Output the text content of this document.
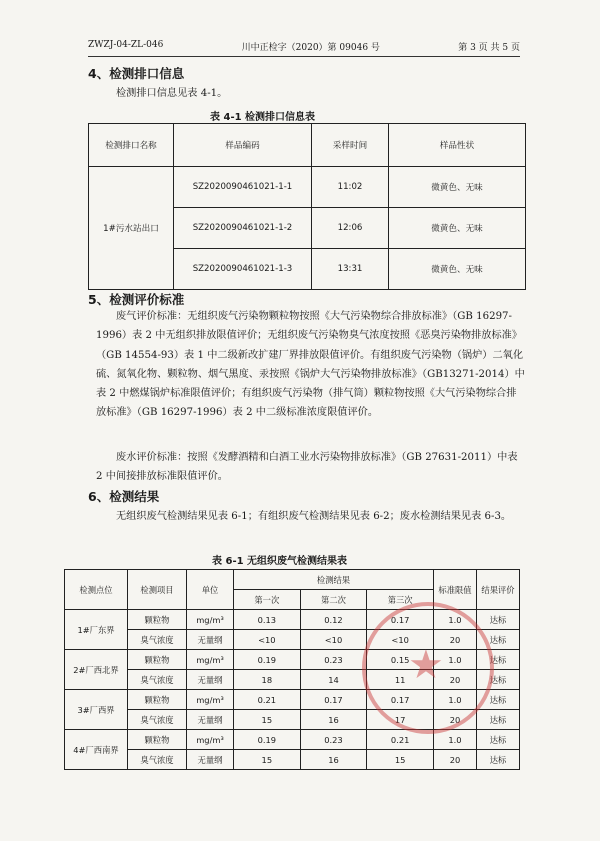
ZWZJ-04-ZL-046	川中正检字（2020）第 09046 号	第 3 页 共 5 页
4、检测排口信息
检测排口信息见表 4-1。
表 4-1 检测排口信息表
检测排口名称	样品编码	采样时间	样品性状
1#污水站出口	SZ2020090461021-1-1	11:02	微黄色、无味
	SZ2020090461021-1-2	12:06	微黄色、无味
	SZ2020090461021-1-3	13:31	微黄色、无味
5、检测评价标准
废气评价标准：无组织废气污染物颗粒物按照《大气污染物综合排放标准》（GB 16297-1996）表 2 中无组织排放限值评价；无组织废气污染物臭气浓度按照《恶臭污染物排放标准》（GB 14554-93）表 1 中二级新改扩建厂界排放限值评价。有组织废气污染物（锅炉）二氧化硫、氮氧化物、颗粒物、烟气黑度、汞按照《锅炉大气污染物排放标准》（GB13271-2014）中表 2 中燃煤锅炉标准限值评价；有组织废气污染物（排气筒）颗粒物按照《大气污染物综合排放标准》（GB 16297-1996）表 2 中二级标准浓度限值评价。
废水评价标准：按照《发酵酒精和白酒工业水污染物排放标准》（GB 27631-2011）中表 2 中间接排放标准限值评价。
6、检测结果
无组织废气检测结果见表 6-1；有组织废气检测结果见表 6-2；废水检测结果见表 6-3。
表 6-1 无组织废气检测结果表
检测点位	检测项目	单位	检测结果			标准限值	结果评价
			第一次	第二次	第三次		
1#厂东界	颗粒物	mg/m³	0.13	0.12	0.17	1.0	达标
	臭气浓度	无量纲	<10	<10	<10	20	达标
2#厂西北界	颗粒物	mg/m³	0.19	0.23	0.15	1.0	达标
	臭气浓度	无量纲	18	14	11	20	达标
3#厂西界	颗粒物	mg/m³	0.21	0.17	0.17	1.0	达标
	臭气浓度	无量纲	15	16	17	20	达标
4#厂西南界	颗粒物	mg/m³	0.19	0.23	0.21	1.0	达标
	臭气浓度	无量纲	15	16	15	20	达标
★
